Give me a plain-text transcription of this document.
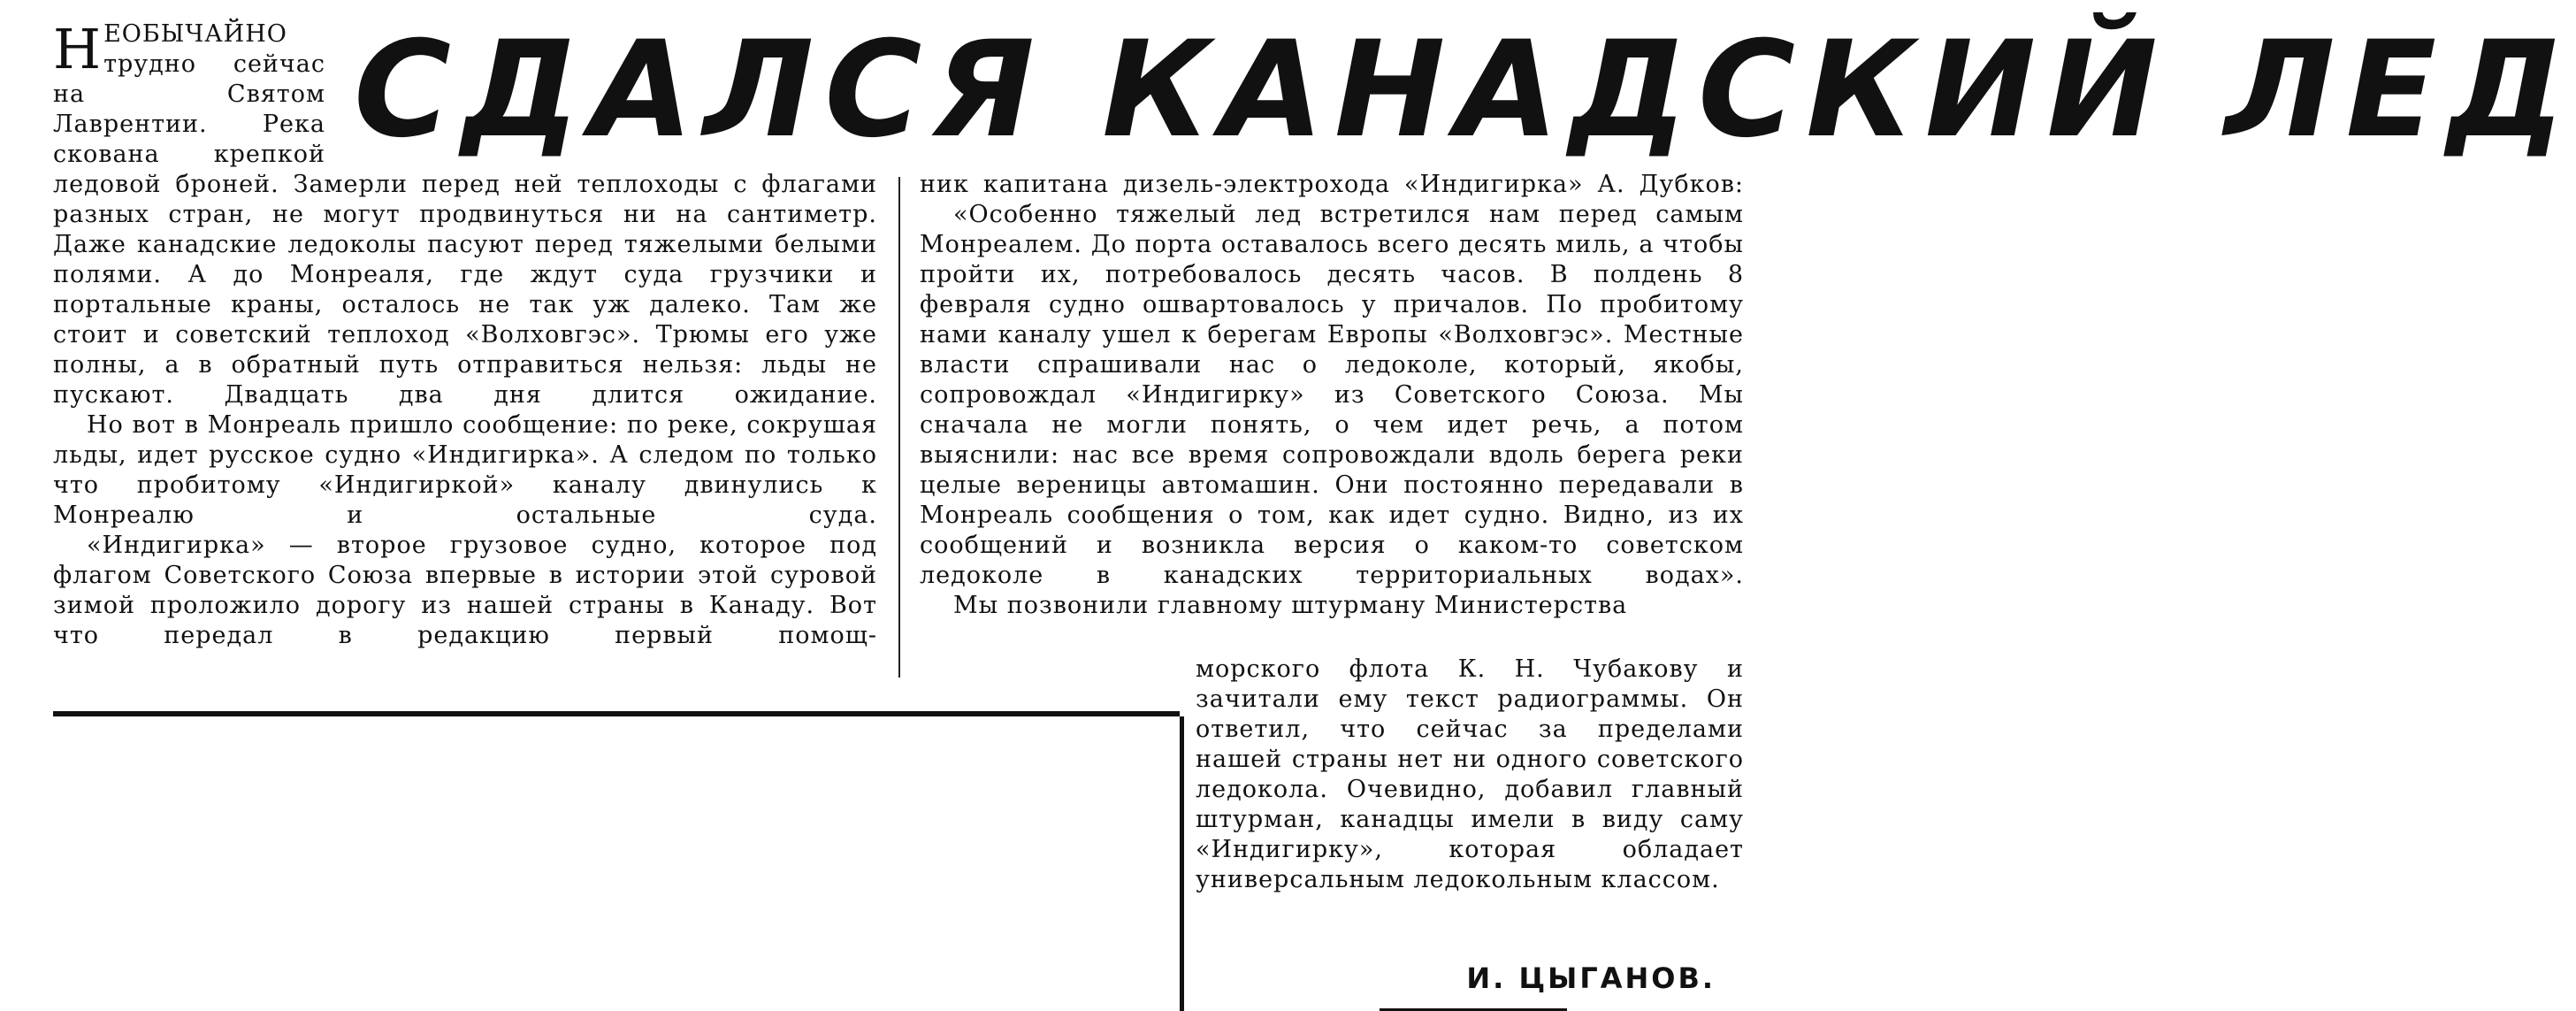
СДАЛСЯ КАНАДСКИЙ ЛЕД

НЕОБЫЧАЙНО трудно сейчас на Святом Лаврентии. Река скована крепкой

ледовой броней. Замерли перед ней теплоходы с флагами разных стран, не могут продвинуться ни на сантиметр. Даже канадские ледоколы пасуют перед тяжелыми белыми полями. А до Монреаля, где ждут суда грузчики и портальные краны, осталось не так уж далеко. Там же стоит и советский теплоход «Волховгэс». Трюмы его уже полны, а в обратный путь отправиться нельзя: льды не пускают. Двадцать два дня длится ожидание.

Но вот в Монреаль пришло сообщение: по реке, сокрушая льды, идет русское судно «Индигирка». А следом по только что пробитому «Индигиркой» каналу двинулись к Монреалю и остальные суда.

«Индигирка» — второе грузовое судно, которое под флагом Советского Союза впервые в истории этой суровой зимой проложило дорогу из нашей страны в Канаду. Вот что передал в редакцию первый помощ-

ник капитана дизель-электрохода «Индигирка» А. Дубков:

«Особенно тяжелый лед встретился нам перед самым Монреалем. До порта оставалось всего десять миль, а чтобы пройти их, потребовалось десять часов. В полдень 8 февраля судно ошвартовалось у причалов. По пробитому нами каналу ушел к берегам Европы «Волховгэс». Местные власти спрашивали нас о ледоколе, который, якобы, сопровождал «Индигирку» из Советского Союза. Мы сначала не могли понять, о чем идет речь, а потом выяснили: нас все время сопровождали вдоль берега реки целые вереницы автомашин. Они постоянно передавали в Монреаль сообщения о том, как идет судно. Видно, из их сообщений и возникла версия о каком-то советском ледоколе в канадских территориальных водах».

Мы позвонили главному штурману Министерства

морского флота К. Н. Чубакову и зачитали ему текст радиограммы. Он ответил, что сейчас за пределами нашей страны нет ни одного советского ледокола. Очевидно, добавил главный штурман, канадцы имели в виду саму «Индигирку», которая обладает универсальным ледокольным классом.

И. ЦЫГАНОВ.
